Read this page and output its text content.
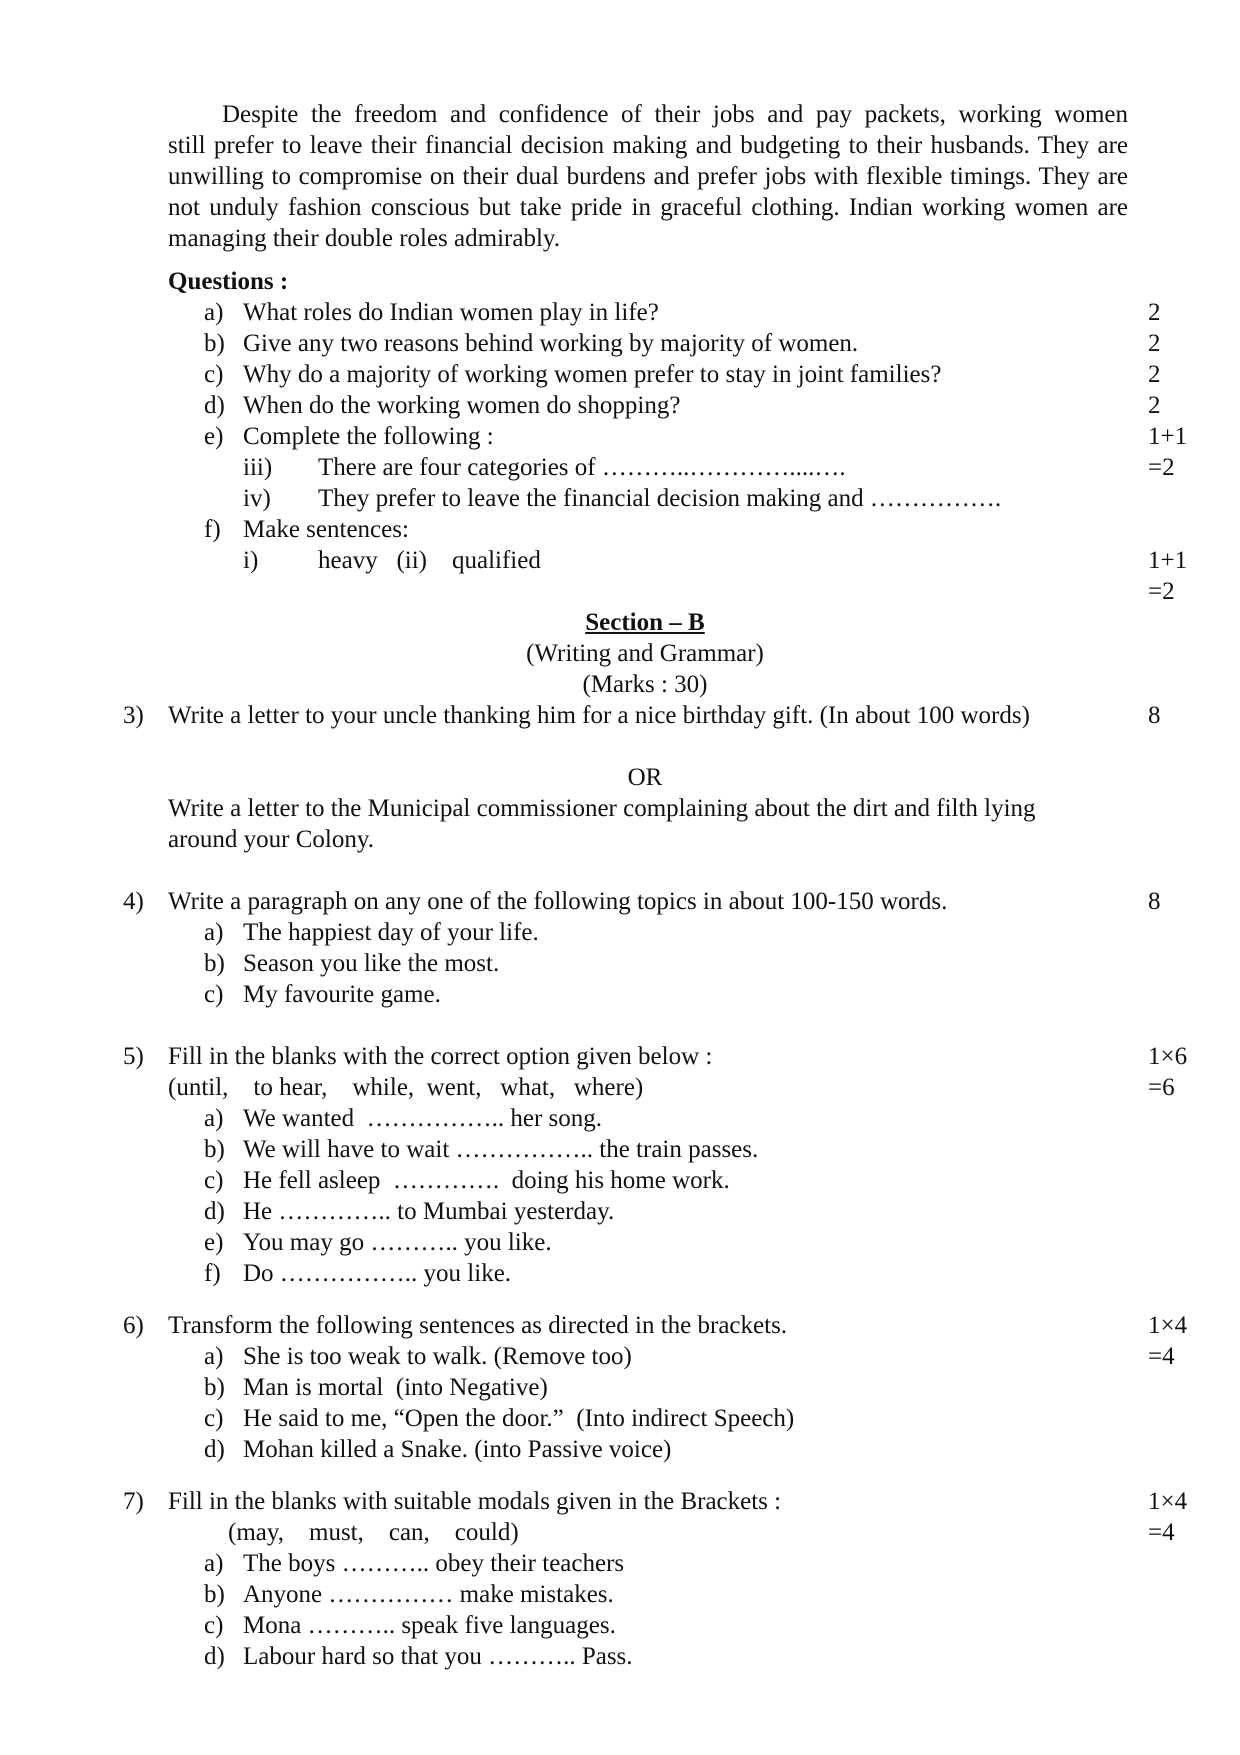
Despite the freedom and confidence of their jobs and pay packets, working women

still prefer to leave their financial decision making and budgeting to their husbands. They are unwilling to compromise on their dual burdens and prefer jobs with flexible timings. They are not unduly fashion conscious but take pride in graceful clothing. Indian working women are managing their double roles admirably.

Questions :
a) What roles do Indian women play in life?	2
b) Give any two reasons behind working by majority of women.	2
c) Why do a majority of working women prefer to stay in joint families?	2
d) When do the working women do shopping?	2
e) Complete the following :	1+1
iii) There are four categories of ………..…………....….	=2
iv) They prefer to leave the financial decision making and …………….
f) Make sentences:
i) heavy   (ii)    qualified	1+1
=2
Section – B
(Writing and Grammar)
(Marks : 30)
3) Write a letter to your uncle thanking him for a nice birthday gift. (In about 100 words)	8
OR
Write a letter to the Municipal commissioner complaining about the dirt and filth lying
around your Colony.
4) Write a paragraph on any one of the following topics in about 100-150 words.	8
a) The happiest day of your life.
b) Season you like the most.
c) My favourite game.
5) Fill in the blanks with the correct option given below :	1×6
(until,    to hear,    while,  went,   what,   where)	=6
a) We wanted  …………….. her song.
b) We will have to wait …………….. the train passes.
c) He fell asleep  ………….  doing his home work.
d) He ………….. to Mumbai yesterday.
e) You may go ……….. you like.
f) Do …………….. you like.
6) Transform the following sentences as directed in the brackets.	1×4
a) She is too weak to walk. (Remove too)	=4
b) Man is mortal  (into Negative)
c) He said to me, “Open the door.”  (Into indirect Speech)
d) Mohan killed a Snake. (into Passive voice)
7) Fill in the blanks with suitable modals given in the Brackets :	1×4
(may,    must,    can,    could)	=4
a) The boys ……….. obey their teachers
b) Anyone …………… make mistakes.
c) Mona ……….. speak five languages.
d) Labour hard so that you ……….. Pass.
